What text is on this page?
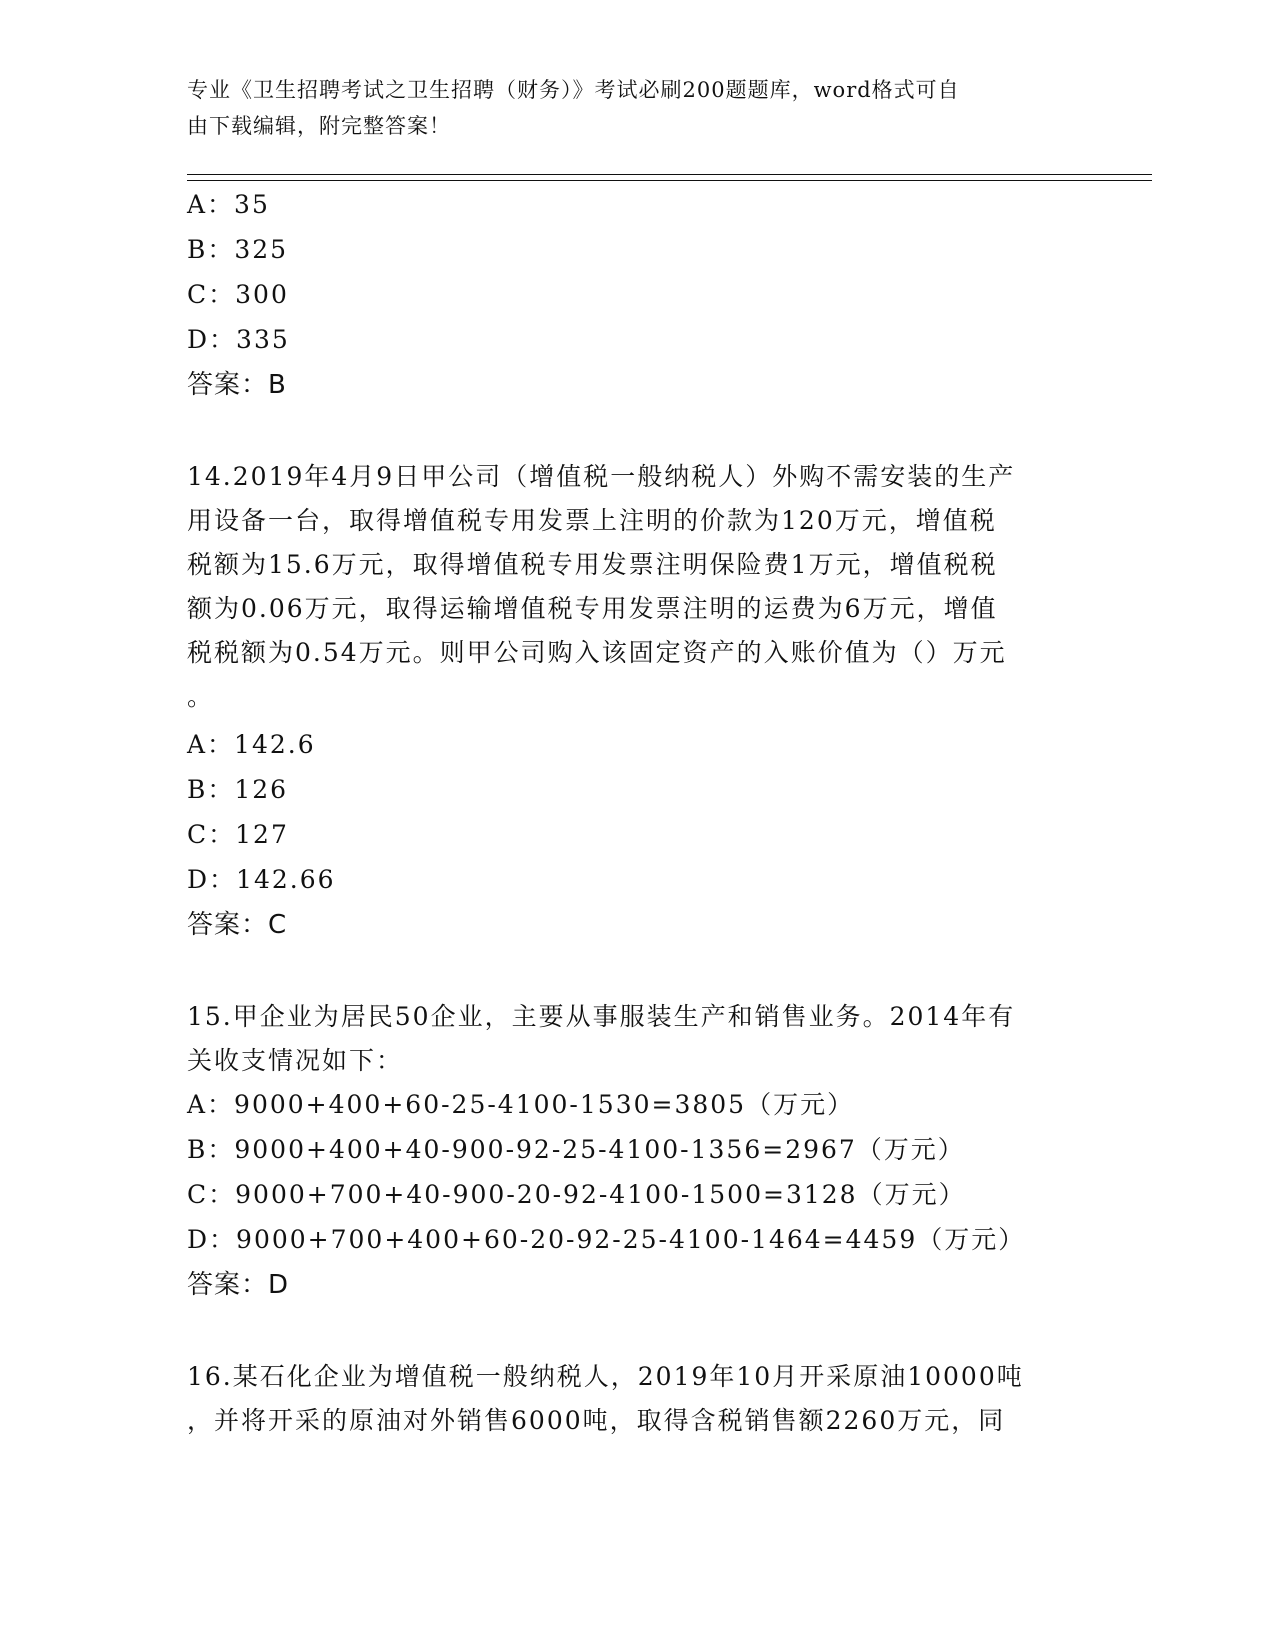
专业《卫生招聘考试之卫生招聘（财务）》考试必刷200题题库，word格式可自
由下载编辑，附完整答案！
A：35
B：325
C：300
D：335
答案：B
14.2019年4月9日甲公司（增值税一般纳税人）外购不需安装的生产
用设备一台，取得增值税专用发票上注明的价款为120万元，增值税
税额为15.6万元，取得增值税专用发票注明保险费1万元，增值税税
额为0.06万元，取得运输增值税专用发票注明的运费为6万元，增值
税税额为0.54万元。则甲公司购入该固定资产的入账价值为（）万元
。
A：142.6
B：126
C：127
D：142.66
答案：C
15.甲企业为居民50企业，主要从事服装生产和销售业务。2014年有
关收支情况如下：
A：9000+400+60-25-4100-1530=3805（万元）
B：9000+400+40-900-92-25-4100-1356=2967（万元）
C：9000+700+40-900-20-92-4100-1500=3128（万元）
D：9000+700+400+60-20-92-25-4100-1464=4459（万元）
答案：D
16.某石化企业为增值税一般纳税人，2019年10月开采原油10000吨
，并将开采的原油对外销售6000吨，取得含税销售额2260万元，同
